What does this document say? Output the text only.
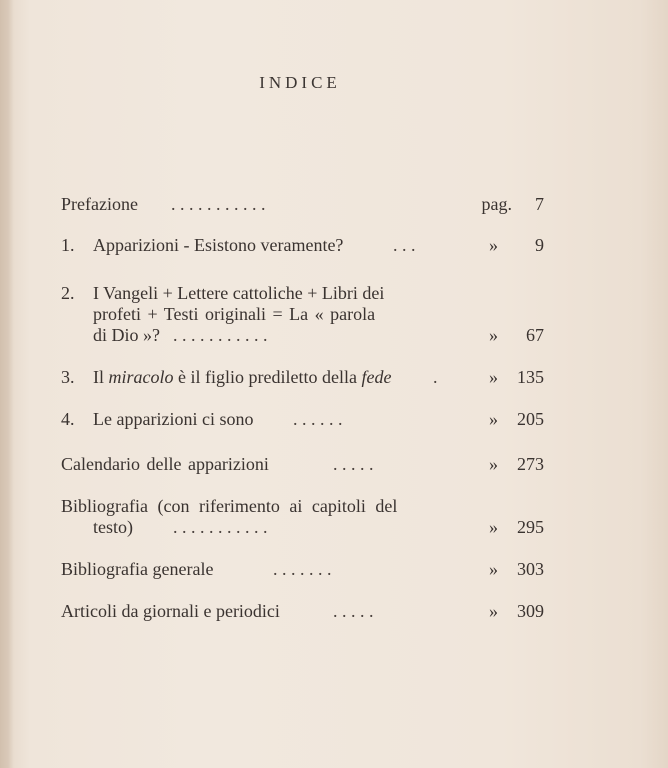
INDICE
Prefazione . . . . . . . . . . .	pag. 7
1. Apparizioni - Esistono veramente?	. . .	» 9
2. I Vangeli + Lettere cattoliche + Libri dei
profeti + Testi originali = La « parola
di Dio »? . . . . . . . . . . .	» 67
3. Il miracolo è il figlio prediletto della fede .	» 135
4. Le apparizioni ci sono . . . . . .	» 205
Calendario delle apparizioni	. . . . .	» 273
Bibliografia (con riferimento ai capitoli del
testo) . . . . . . . . . . .	» 295
Bibliografia generale	. . . . . . .	» 303
Articoli da giornali e periodici	. . . . .	» 309
